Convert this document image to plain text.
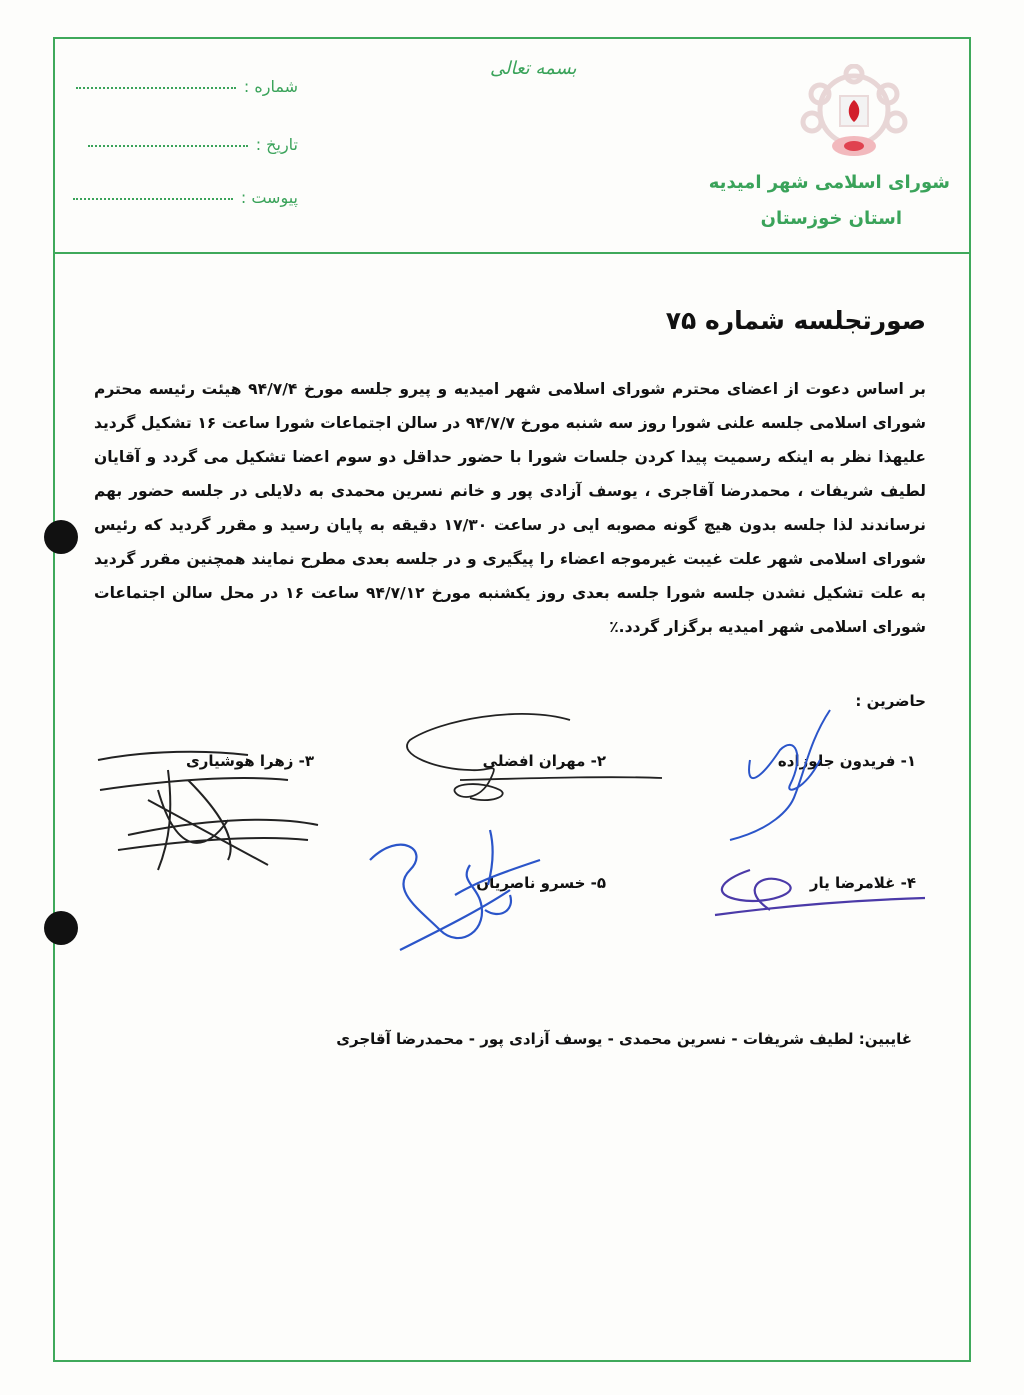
بسمه تعالی
شماره :
تاریخ :
پیوست :
شورای اسلامی شهر امیدیه
استان خوزستان
صورتجلسه شماره ۷۵
بر اساس دعوت از اعضای محترم شورای اسلامی شهر امیدیه و پیرو جلسه مورخ ۹۴/۷/۴ هیئت رئیسه محترم شورای اسلامی جلسه علنی شورا روز سه شنبه مورخ ۹۴/۷/۷ در سالن اجتماعات شورا ساعت ۱۶ تشکیل گردید علیهذا نظر به اینکه رسمیت پیدا کردن جلسات شورا با حضور حداقل دو سوم اعضا تشکیل می گردد و آقایان لطیف شریفات ، محمدرضا آقاجری ، یوسف آزادی پور و خانم نسرین محمدی به دلایلی در جلسه حضور بهم نرساندند لذا جلسه بدون هیچ گونه مصوبه ایی در ساعت ۱۷/۳۰ دقیقه به پایان رسید و مقرر گردید که رئیس شورای اسلامی شهر علت غیبت غیرموجه اعضاء را پیگیری و در جلسه بعدی مطرح نمایند همچنین مقرر گردید به علت تشکیل نشدن جلسه شورا جلسه بعدی روز یکشنبه مورخ ۹۴/۷/۱۲ ساعت ۱۶ در محل سالن اجتماعات شورای اسلامی شهر امیدیه برگزار گردد.٪
حاضرین :
۱- فریدون جلوزاده
۲- مهران افضلی
۳- زهرا هوشیاری
۴- غلامرضا یار
۵- خسرو ناصریان
غایبین: لطیف شریفات - نسرین محمدی - یوسف آزادی پور - محمدرضا آقاجری
